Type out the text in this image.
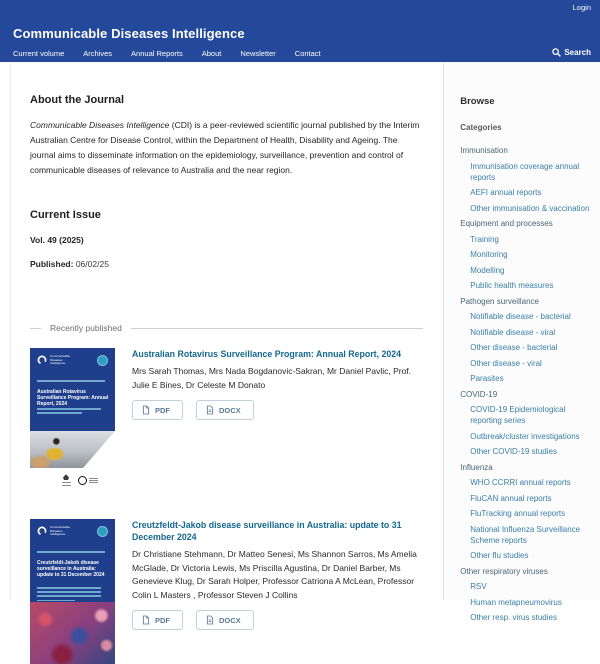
Login
Communicable Diseases Intelligence
Current volume	Archives	Annual Reports	About	Newsletter	Contact	Search
About the Journal

Communicable Diseases Intelligence (CDI) is a peer-reviewed scientific journal published by the Interim Australian Centre for Disease Control, within the Department of Health, Disability and Ageing. The journal aims to disseminate information on the epidemiology, surveillance, prevention and control of communicable diseases of relevance to Australia and the near region.

Current Issue
Vol. 49 (2025)
Published: 06/02/25
Recently published
Communicable Diseases Intelligence
Australian Rotavirus Surveillance Program: Annual Report, 2024
Australian Rotavirus Surveillance Program: Annual Report, 2024
Mrs Sarah Thomas, Mrs Nada Bogdanovic-Sakran, Mr Daniel Pavlic, Prof. Julie E Bines, Dr Celeste M Donato
PDF	DOCX
Communicable Diseases Intelligence
Creutzfeldt-Jakob disease surveillance in Australia: update to 31 December 2024
Creutzfeldt-Jakob disease surveillance in Australia: update to 31 December 2024
Dr Christiane Stehmann, Dr Matteo Senesi, Ms Shannon Sarros, Ms Amelia McGlade, Dr Victoria Lewis, Ms Priscilla Agustina, Dr Daniel Barber, Ms Genevieve Klug, Dr Sarah Holper, Professor Catriona A McLean, Professor Colin L Masters , Professor Steven J Collins
PDF	DOCX
Browse
Categories
Immunisation
Immunisation coverage annual reports
AEFI annual reports
Other immunisation & vaccination
Equipment and processes
Training
Monitoring
Modelling
Public health measures
Pathogen surveillance
Notifiable disease - bacterial
Notifiable disease - viral
Other disease - bacterial
Other disease - viral
Parasites
COVID-19
COVID-19 Epidemiological reporting series
Outbreak/cluster investigations
Other COVID-19 studies
Influenza
WHO CCRRI annual reports
FluCAN annual reports
FluTracking annual reports
National Influenza Surveillance Scheme reports
Other flu studies
Other respiratory viruses
RSV
Human metapneumovirus
Other resp. virus studies
